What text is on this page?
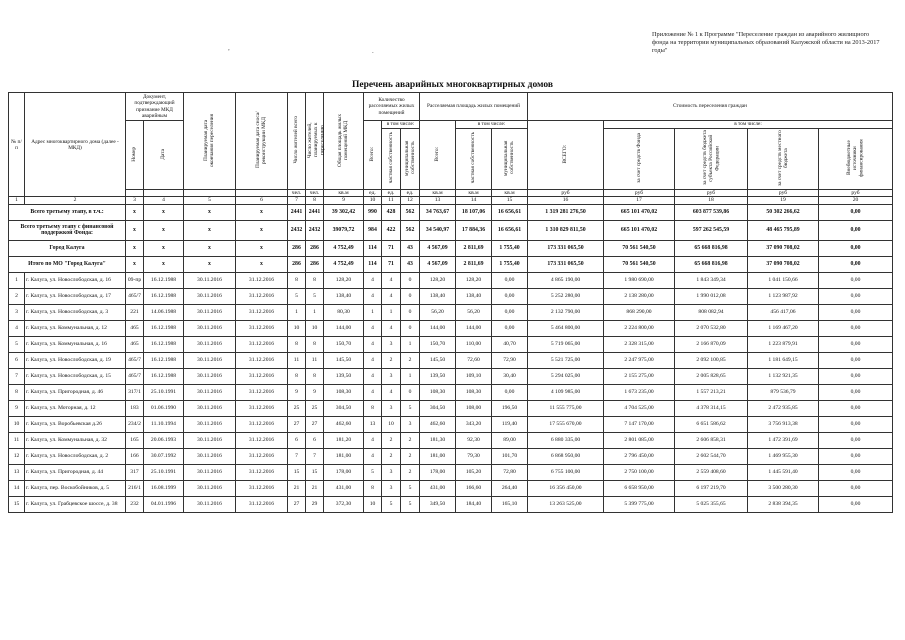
Приложение № 1 к Программе "Переселение граждан из аварийного жилищного фонда на территории муниципальных образований Калужской области на 2013-2017 годы"
,	.
Перечень аварийных многоквартирных домов
№ п/п	Адрес многоквартирного дома (далее - МКД)	Документ, подтверждающий признание МКД аварийным		Планируемая дата окончания переселения	Планируемая дата сноса/реконструкции МКД	Число жителей всего	Число жителей, планируемых к переселению	Общая площадь жилых помещений МКД	Количество расселяемых жилых помещений			Расселяемая площадь жилых помещений			Стоимость переселения граждан				
		Номер	Дата						Всего:	в том числе:		Всего:	в том числе:		ВСЕГО:	в том числе:			
										частная собственность	муниципальная собственность		частная собственность	муниципальная собственность		за счет средств Фонда	за счет средств бюджета субъекта Российской Федерации	за счет средств местного бюджета	Внебюджетные источники финансирования
						чел.	чел.	кв.м	ед.	ед.	ед.	кв.м	кв.м	кв.м	руб	руб	руб	руб	руб
1	2	3	4	5	6	7	8	9	10	11	12	13	14	15	16	17	18	19	20
Всего третьему этапу, в т.ч.:		х	х	х	х	2441	2441	39 302,42	990	428	562	34 763,67	18 107,06	16 656,61	1 319 281 276,50	665 101 470,02	603 877 539,86	50 302 266,62	0,00
Всего третьему этапу с финансовой поддержкой Фонда:		х	х	х	х	2432	2432	39079,72	984	422	562	34 540,97	17 884,36	16 656,61	1 310 829 811,50	665 101 470,02	597 262 545,59	48 465 795,89	0,00
Город Калуга		х	х	х	х	286	286	4 752,49	114	71	43	4 567,09	2 811,69	1 755,40	173 331 065,50	70 561 540,50	65 668 816,98	37 090 708,02	0,00
Итого по МО "Город Калуга"		х	х	х	х	286	286	4 752,49	114	71	43	4 567,09	2 811,69	1 755,40	173 331 065,50	70 561 540,50	65 668 816,98	37 090 708,02	0,00
1	г. Калуга, ул. Новослободская, д. 16	09-пр	16.12.1988	30.11.2016	31.12.2016	8	8	128,20	4	4	0	128,20	128,20	0,00	4 865 190,00	1 980 690,00	1 843 349,34	1 041 150,66	0,00
2	г. Калуга, ул. Новослободская, д. 17	465/7	16.12.1988	30.11.2016	31.12.2016	5	5	138,40	4	4	0	138,40	138,40	0,00	5 252 280,00	2 138 280,00	1 990 012,08	1 123 987,92	0,00
3	г. Калуга, ул. Новослободская, д. 3	221	14.06.1988	30.11.2016	31.12.2016	1	1	80,30	1	1	0	56,20	56,20	0,00	2 132 790,00	868 290,00	808 082,94	456 417,06	0,00
4	г. Калуга, ул. Коммунальная, д. 12	465	16.12.1988	30.11.2016	31.12.2016	10	10	144,00	4	4	0	144,00	144,00	0,00	5 464 800,00	2 224 800,00	2 070 532,80	1 169 467,20	0,00
5	г. Калуга, ул. Коммунальная, д. 16	465	16.12.1988	30.11.2016	31.12.2016	8	8	150,70	4	3	1	150,70	110,00	40,70	5 719 065,00	2 328 315,00	2 166 870,09	1 223 879,91	0,00
6	г. Калуга, ул. Новослободская, д. 19	465/7	16.12.1988	30.11.2016	31.12.2016	11	11	145,50	4	2	2	145,50	72,60	72,90	5 521 725,00	2 247 975,00	2 092 100,85	1 181 649,15	0,00
7	г. Калуга, ул. Новослободская, д. 15	465/7	16.12.1988	30.11.2016	31.12.2016	8	8	139,50	4	3	1	139,50	109,10	30,40	5 294 025,00	2 155 275,00	2 005 828,65	1 132 921,35	0,00
8	г. Калуга, ул. Пригородная, д. 46	317/1	25.10.1991	30.11.2016	31.12.2016	9	9	108,30	4	4	0	108,30	108,30	0,00	4 109 985,00	1 673 235,00	1 557 213,21	879 536,79	0,00
9	г. Калуга, ул. Моторная, д. 12	183	01.06.1990	30.11.2016	31.12.2016	25	25	304,50	8	3	5	304,50	108,00	196,50	11 555 775,00	4 704 525,00	4 378 314,15	2 472 935,85	0,00
10	г. Калуга, ул. Воробьевская д.26	234/2	11.10.1994	30.11.2016	31.12.2016	27	27	462,60	13	10	3	462,60	343,20	119,40	17 555 670,00	7 147 170,00	6 651 586,62	3 756 913,38	0,00
11	г. Калуга, ул. Коммунальная, д. 32	165	20.06.1993	30.11.2016	31.12.2016	6	6	181,20	4	2	2	181,30	92,30	89,00	6 880 335,00	2 801 085,00	2 606 858,31	1 472 391,69	0,00
12	г. Калуга, ул. Новослободская, д. 2	166	30.07.1992	30.11.2016	31.12.2016	7	7	181,00	4	2	2	181,00	79,30	101,70	6 868 950,00	2 796 450,00	2 602 544,70	1 469 955,30	0,00
13	г. Калуга, ул. Пригородная, д. 44	317	25.10.1991	30.11.2016	31.12.2016	15	15	178,00	5	3	2	178,00	105,20	72,80	6 755 100,00	2 750 100,00	2 559 408,60	1 445 591,40	0,00
14	г. Калуга, пер. Воскобойников, д. 5	216/1	16.08.1999	30.11.2016	31.12.2016	21	21	431,00	8	3	5	431,00	166,60	264,40	16 356 450,00	6 658 950,00	6 197 219,70	3 500 280,30	0,00
15	г. Калуга, ул. Грабцевское шоссе, д. 38	232	04.01.1996	30.11.2016	31.12.2016	27	29	372,30	10	5	5	349,50	184,40	165,10	13 263 525,00	5 399 775,00	5 025 355,65	2 838 394,35	0,00
